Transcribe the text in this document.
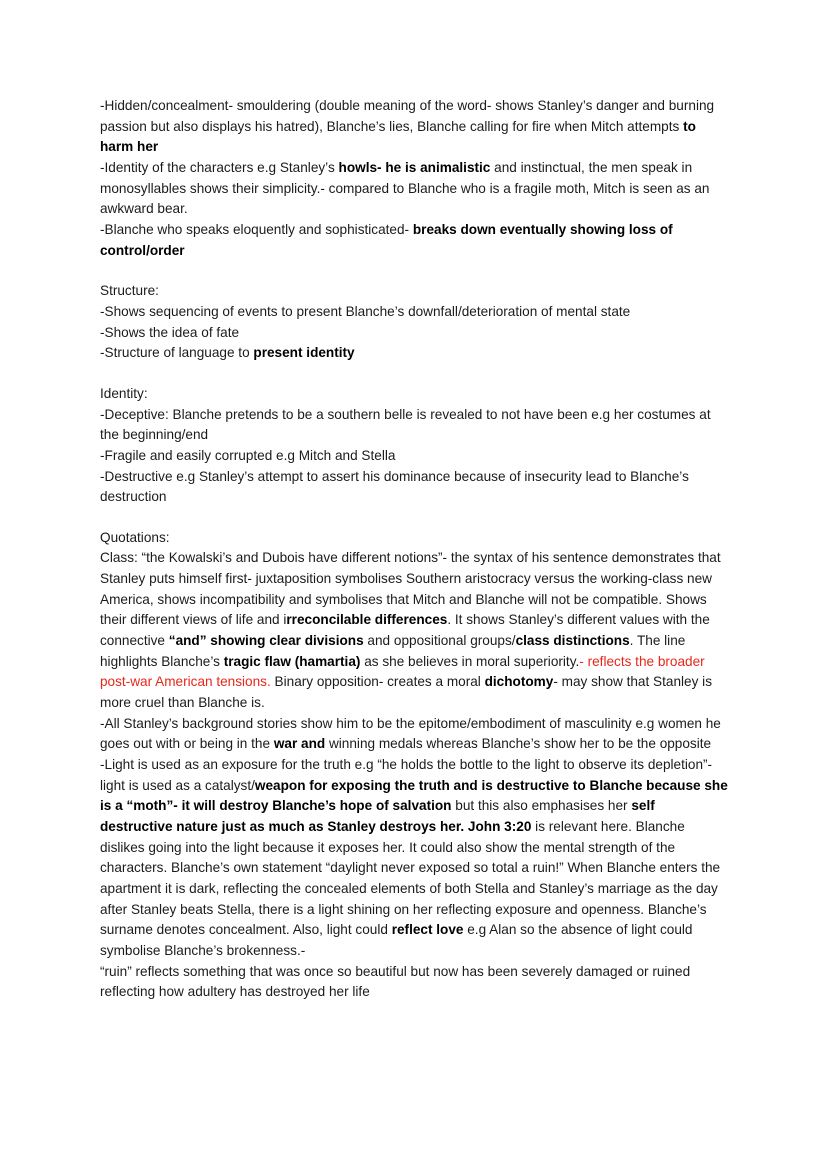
-Hidden/concealment- smouldering (double meaning of the word- shows Stanley’s danger and burning passion but also displays his hatred), Blanche’s lies, Blanche calling for fire when Mitch attempts to harm her

-Identity of the characters e.g Stanley’s howls- he is animalistic and instinctual, the men speak in monosyllables shows their simplicity.- compared to Blanche who is a fragile moth, Mitch is seen as an awkward bear.

-Blanche who speaks eloquently and sophisticated- breaks down eventually showing loss of control/order

Structure:

-Shows sequencing of events to present Blanche’s downfall/deterioration of mental state

-Shows the idea of fate

-Structure of language to present identity

Identity:

-Deceptive: Blanche pretends to be a southern belle is revealed to not have been e.g her costumes at the beginning/end

-Fragile and easily corrupted e.g Mitch and Stella

-Destructive e.g Stanley’s attempt to assert his dominance because of insecurity lead to Blanche’s destruction

Quotations:

Class: “the Kowalski’s and Dubois have different notions”- the syntax of his sentence demonstrates that Stanley puts himself first- juxtaposition symbolises Southern aristocracy versus the working-class new America, shows incompatibility and symbolises that Mitch and Blanche will not be compatible. Shows their different views of life and irreconcilable differences. It shows Stanley’s different values with the connective “and” showing clear divisions and oppositional groups/class distinctions. The line highlights Blanche’s tragic flaw (hamartia) as she believes in moral superiority.- reflects the broader post-war American tensions. Binary opposition- creates a moral dichotomy- may show that Stanley is more cruel than Blanche is.

-All Stanley’s background stories show him to be the epitome/embodiment of masculinity e.g women he goes out with or being in the war and winning medals whereas Blanche’s show her to be the opposite

-Light is used as an exposure for the truth e.g “he holds the bottle to the light to observe its depletion”- light is used as a catalyst/weapon for exposing the truth and is destructive to Blanche because she is a “moth”- it will destroy Blanche’s hope of salvation but this also emphasises her self destructive nature just as much as Stanley destroys her. John 3:20 is relevant here. Blanche dislikes going into the light because it exposes her. It could also show the mental strength of the characters. Blanche’s own statement “daylight never exposed so total a ruin!” When Blanche enters the apartment it is dark, reflecting the concealed elements of both Stella and Stanley’s marriage as the day after Stanley beats Stella, there is a light shining on her reflecting exposure and openness. Blanche’s surname denotes concealment. Also, light could reflect love e.g Alan so the absence of light could symbolise Blanche’s brokenness.-

“ruin” reflects something that was once so beautiful but now has been severely damaged or ruined reflecting how adultery has destroyed her life
